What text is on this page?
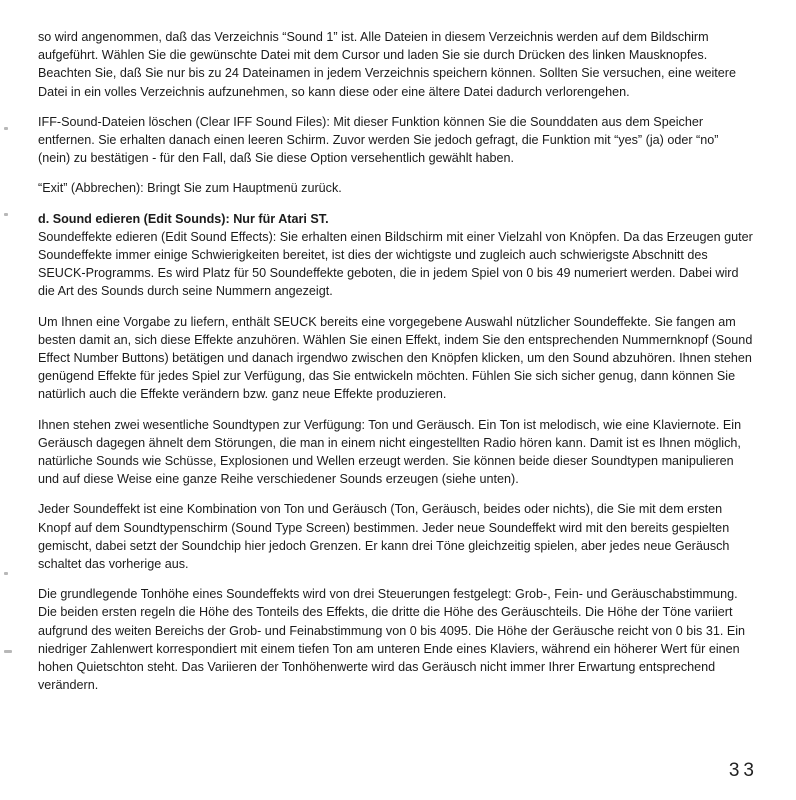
so wird angenommen, daß das Verzeichnis “Sound 1” ist. Alle Dateien in diesem Verzeichnis werden auf dem Bildschirm aufgeführt. Wählen Sie die gewünschte Datei mit dem Cursor und laden Sie sie durch Drücken des linken Mausknopfes. Beachten Sie, daß Sie nur bis zu 24 Dateinamen in jedem Verzeichnis speichern können. Sollten Sie versuchen, eine weitere Datei in ein volles Verzeichnis aufzunehmen, so kann diese oder eine ältere Datei dadurch verlorengehen.

IFF-Sound-Dateien löschen (Clear IFF Sound Files): Mit dieser Funktion können Sie die Sounddaten aus dem Speicher entfernen. Sie erhalten danach einen leeren Schirm. Zuvor werden Sie jedoch gefragt, die Funktion mit “yes” (ja) oder “no” (nein) zu bestätigen - für den Fall, daß Sie diese Option versehentlich gewählt haben.

“Exit” (Abbrechen): Bringt Sie zum Hauptmenü zurück.

d. Sound edieren (Edit Sounds): Nur für Atari ST.

Soundeffekte edieren (Edit Sound Effects): Sie erhalten einen Bildschirm mit einer Vielzahl von Knöpfen. Da das Erzeugen guter Soundeffekte immer einige Schwierigkeiten bereitet, ist dies der wichtigste und zugleich auch schwierigste Abschnitt des SEUCK-Programms. Es wird Platz für 50 Soundeffekte geboten, die in jedem Spiel von 0 bis 49 numeriert werden. Dabei wird die Art des Sounds durch seine Nummern angezeigt.

Um Ihnen eine Vorgabe zu liefern, enthält SEUCK bereits eine vorgegebene Auswahl nützlicher Soundeffekte. Sie fangen am besten damit an, sich diese Effekte anzuhören. Wählen Sie einen Effekt, indem Sie den entsprechenden Nummernknopf (Sound Effect Number Buttons) betätigen und danach irgendwo zwischen den Knöpfen klicken, um den Sound abzuhören. Ihnen stehen genügend Effekte für jedes Spiel zur Verfügung, das Sie entwickeln möchten. Fühlen Sie sich sicher genug, dann können Sie natürlich auch die Effekte verändern bzw. ganz neue Effekte produzieren.

Ihnen stehen zwei wesentliche Soundtypen zur Verfügung: Ton und Geräusch. Ein Ton ist melodisch, wie eine Klaviernote. Ein Geräusch dagegen ähnelt dem Störungen, die man in einem nicht eingestellten Radio hören kann. Damit ist es Ihnen möglich, natürliche Sounds wie Schüsse, Explosionen und Wellen erzeugt werden. Sie können beide dieser Soundtypen manipulieren und auf diese Weise eine ganze Reihe verschiedener Sounds erzeugen (siehe unten).

Jeder Soundeffekt ist eine Kombination von Ton und Geräusch (Ton, Geräusch, beides oder nichts), die Sie mit dem ersten Knopf auf dem Soundtypenschirm (Sound Type Screen) bestimmen. Jeder neue Soundeffekt wird mit den bereits gespielten gemischt, dabei setzt der Soundchip hier jedoch Grenzen. Er kann drei Töne gleichzeitig spielen, aber jedes neue Geräusch schaltet das vorherige aus.

Die grundlegende Tonhöhe eines Soundeffekts wird von drei Steuerungen festgelegt: Grob-, Fein- und Geräuschabstimmung. Die beiden ersten regeln die Höhe des Tonteils des Effekts, die dritte die Höhe des Geräuschteils. Die Höhe der Töne variiert aufgrund des weiten Bereichs der Grob- und Feinabstimmung von 0 bis 4095. Die Höhe der Geräusche reicht von 0 bis 31. Ein niedriger Zahlenwert korrespondiert mit einem tiefen Ton am unteren Ende eines Klaviers, während ein höherer Wert für einen hohen Quietschton steht. Das Variieren der Tonhöhenwerte wird das Geräusch nicht immer Ihrer Erwartung entsprechend verändern.

33
